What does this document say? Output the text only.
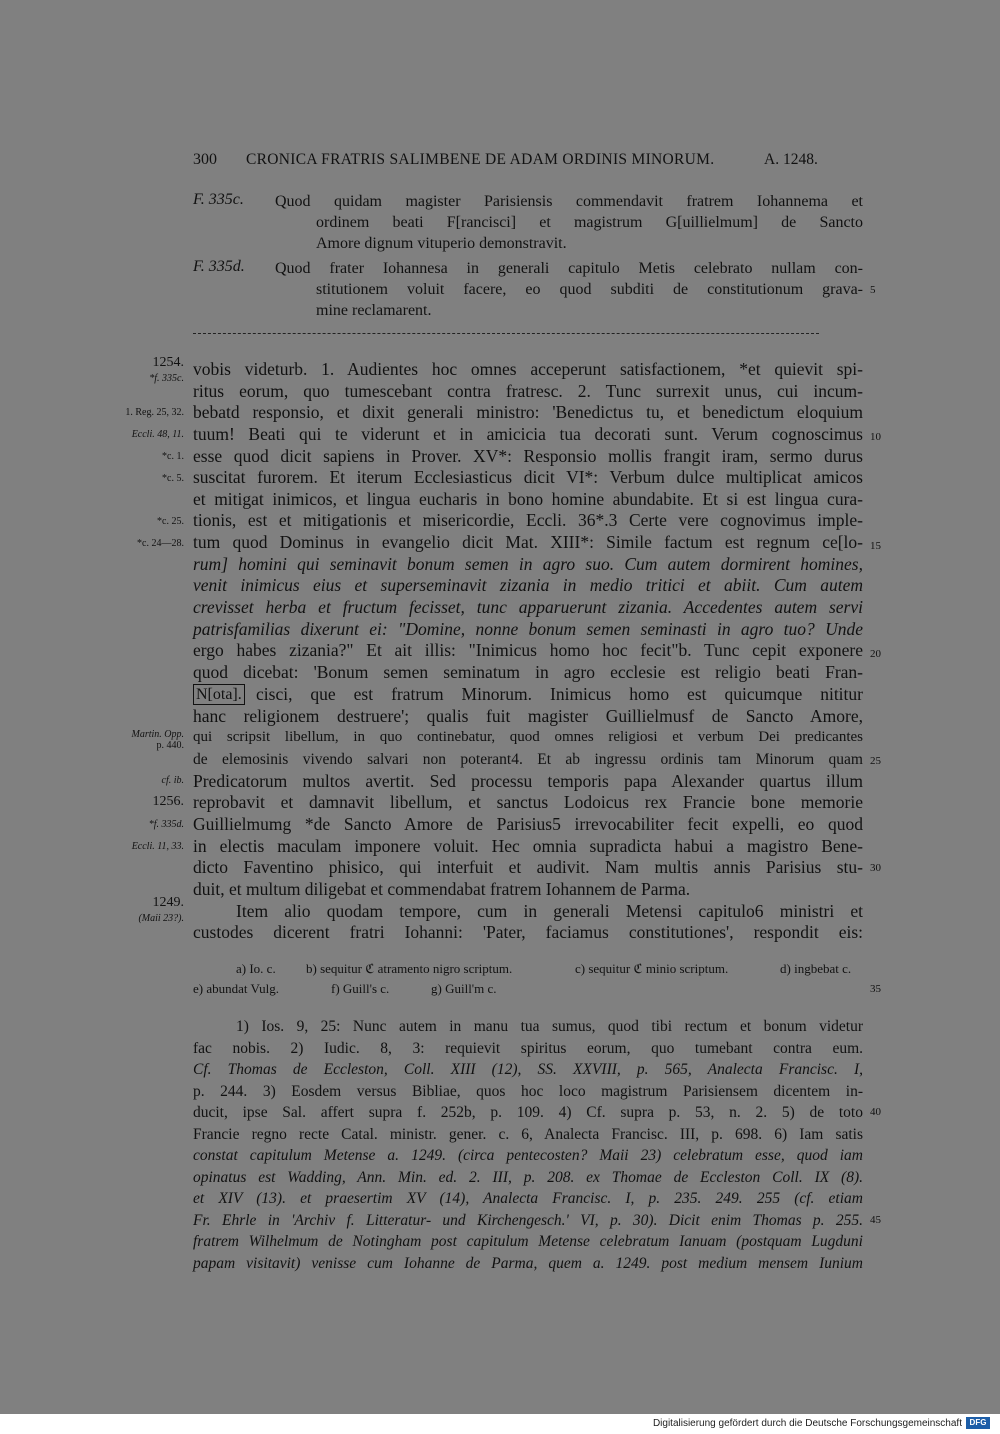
300 CRONICA FRATRIS SALIMBENE DE ADAM ORDINIS MINORUM.	A. 1248.
F. 335c. Quod quidam magister Parisiensis commendavit fratrem Iohannema et
ordinem beati F[rancisci] et magistrum G[uillielmum] de Sancto
Amore dignum vituperio demonstravit.
F. 335d. Quod frater Iohannesa in generali capitulo Metis celebrato nullam con-
stitutionem voluit facere, eo quod subditi de constitutionum grava-
mine reclamarent.
5
1254.
*f. 335c.
1. Reg. 25, 32.
Eccli. 48, 11.
*c. 1.
*c. 5.
*c. 25.
*c. 24—28.
Martin. Opp.
p. 440.
cf. ib.
1256.
*f. 335d.
Eccli. 11, 33.
1249.
(Maii 23?).
10
15
20
25
30
35
40
45
vobis videturb. 1. Audientes hoc omnes acceperunt satisfactionem, *et quievit spi-
ritus eorum, quo tumescebant contra fratresc. 2. Tunc surrexit unus, cui incum-
bebatd responsio, et dixit generali ministro: 'Benedictus tu, et benedictum eloquium
tuum! Beati qui te viderunt et in amicicia tua decorati sunt. Verum cognoscimus
esse quod dicit sapiens in Prover. XV*: Responsio mollis frangit iram, sermo durus
suscitat furorem. Et iterum Ecclesiasticus dicit VI*: Verbum dulce multiplicat amicos
et mitigat inimicos, et lingua eucharis in bono homine abundabite. Et si est lingua cura-
tionis, est et mitigationis et misericordie, Eccli. 36*.3 Certe vere cognovimus imple-
tum quod Dominus in evangelio dicit Mat. XIII*: Simile factum est regnum ce[lo-
rum] homini qui seminavit bonum semen in agro suo. Cum autem dormirent homines,
venit inimicus eius et superseminavit zizania in medio tritici et abiit. Cum autem
crevisset herba et fructum fecisset, tunc apparuerunt zizania. Accedentes autem servi
patrisfamilias dixerunt ei: "Domine, nonne bonum semen seminasti in agro tuo? Unde
ergo habes zizania?" Et ait illis: "Inimicus homo hoc fecit"b. Tunc cepit exponere
quod dicebat: 'Bonum semen seminatum in agro ecclesie est religio beati Fran-
N[ota]. cisci, que est fratrum Minorum. Inimicus homo est quicumque nititur
hanc religionem destruere'; qualis fuit magister Guillielmusf de Sancto Amore,
qui scripsit libellum, in quo continebatur, quod omnes religiosi et verbum Dei predicantes
de elemosinis vivendo salvari non poterant4. Et ab ingressu ordinis tam Minorum quam
Predicatorum multos avertit. Sed processu temporis papa Alexander quartus illum
reprobavit et damnavit libellum, et sanctus Lodoicus rex Francie bone memorie
Guillielmumg *de Sancto Amore de Parisius5 irrevocabiliter fecit expelli, eo quod
in electis maculam imponere voluit. Hec omnia supradicta habui a magistro Bene-
dicto Faventino phisico, qui interfuit et audivit. Nam multis annis Parisius stu-
duit, et multum diligebat et commendabat fratrem Iohannem de Parma.
Item alio quodam tempore, cum in generali Metensi capitulo6 ministri et
custodes dicerent fratri Iohanni: 'Pater, faciamus constitutiones', respondit eis:
a) Io. c. b) sequitur ℭ atramento nigro scriptum.	c) sequitur ℭ minio scriptum.	d) ingbebat c.
e) abundat Vulg.	f) Guill's c.	g) Guill'm c.
1) Ios. 9, 25: Nunc autem in manu tua sumus, quod tibi rectum et bonum videtur
fac nobis. 2) Iudic. 8, 3: requievit spiritus eorum, quo tumebant contra eum.
Cf. Thomas de Eccleston, Coll. XIII (12), SS. XXVIII, p. 565, Analecta Francisc. I,
p. 244. 3) Eosdem versus Bibliae, quos hoc loco magistrum Parisiensem dicentem in-
ducit, ipse Sal. affert supra f. 252b, p. 109. 4) Cf. supra p. 53, n. 2. 5) de toto
Francie regno recte Catal. ministr. gener. c. 6, Analecta Francisc. III, p. 698. 6) Iam satis
constat capitulum Metense a. 1249. (circa pentecosten? Maii 23) celebratum esse, quod iam
opinatus est Wadding, Ann. Min. ed. 2. III, p. 208. ex Thomae de Eccleston Coll. IX (8).
et XIV (13). et praesertim XV (14), Analecta Francisc. I, p. 235. 249. 255 (cf. etiam
Fr. Ehrle in 'Archiv f. Litteratur- und Kirchengesch.' VI, p. 30). Dicit enim Thomas p. 255.
fratrem Wilhelmum de Notingham post capitulum Metense celebratum Ianuam (postquam Lugduni
papam visitavit) venisse cum Iohanne de Parma, quem a. 1249. post medium mensem Iunium
Digitalisierung gefördert durch die Deutsche Forschungsgemeinschaft DFG
